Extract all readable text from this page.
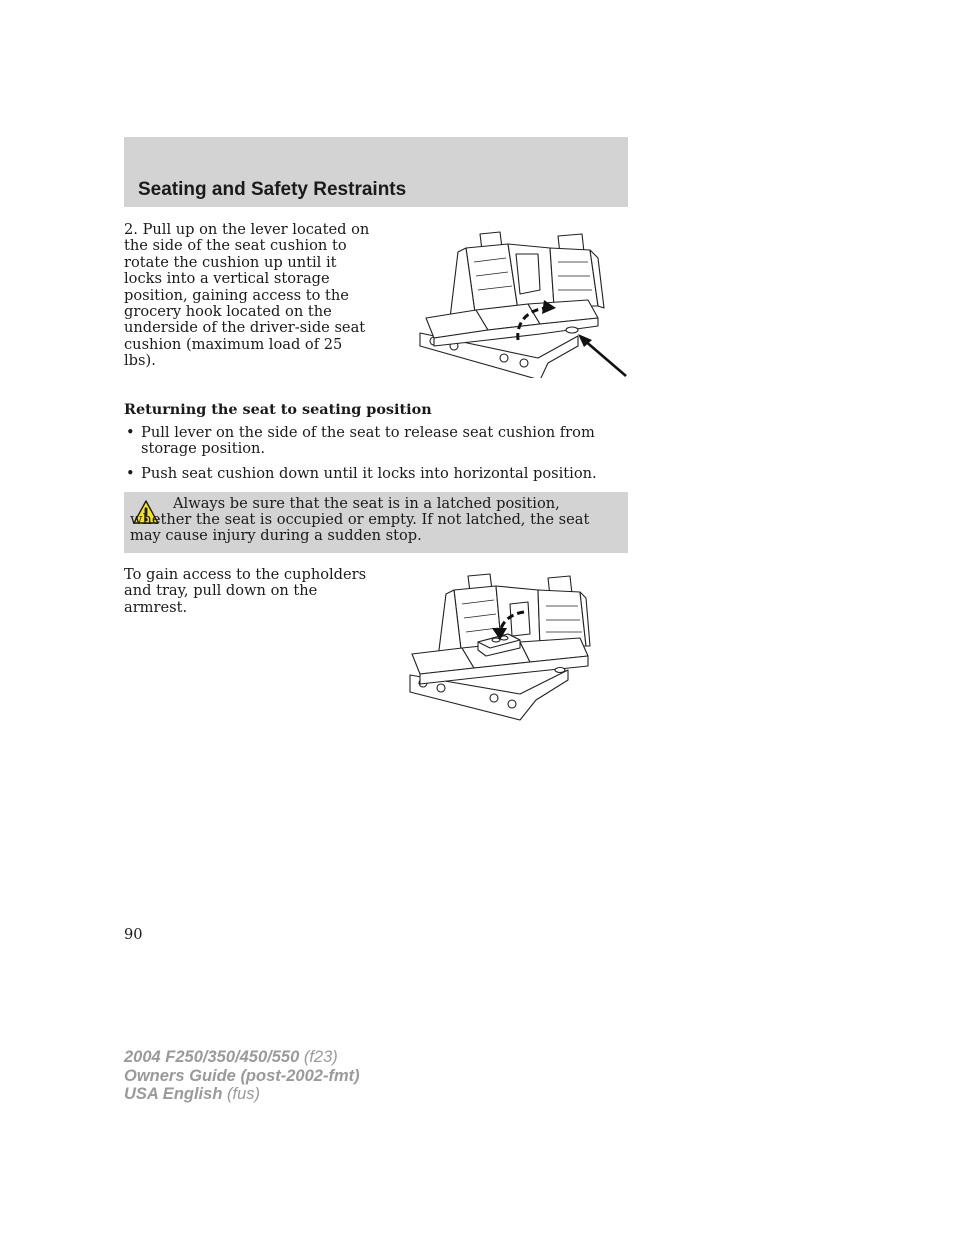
Seating and Safety Restraints

2. Pull up on the lever located on the side of the seat cushion to rotate the cushion up until it locks into a vertical storage position, gaining access to the grocery hook located on the underside of the driver-side seat cushion (maximum load of 25 lbs).

Returning the seat to seating position
• Pull lever on the side of the seat to release seat cushion from storage position.
• Push seat cushion down until it locks into horizontal position.

Always be sure that the seat is in a latched position, whether the seat is occupied or empty. If not latched, the seat may cause injury during a sudden stop.

To gain access to the cupholders and tray, pull down on the armrest.

90

2004 F250/350/450/550 (f23)
Owners Guide (post-2002-fmt)
USA English (fus)
